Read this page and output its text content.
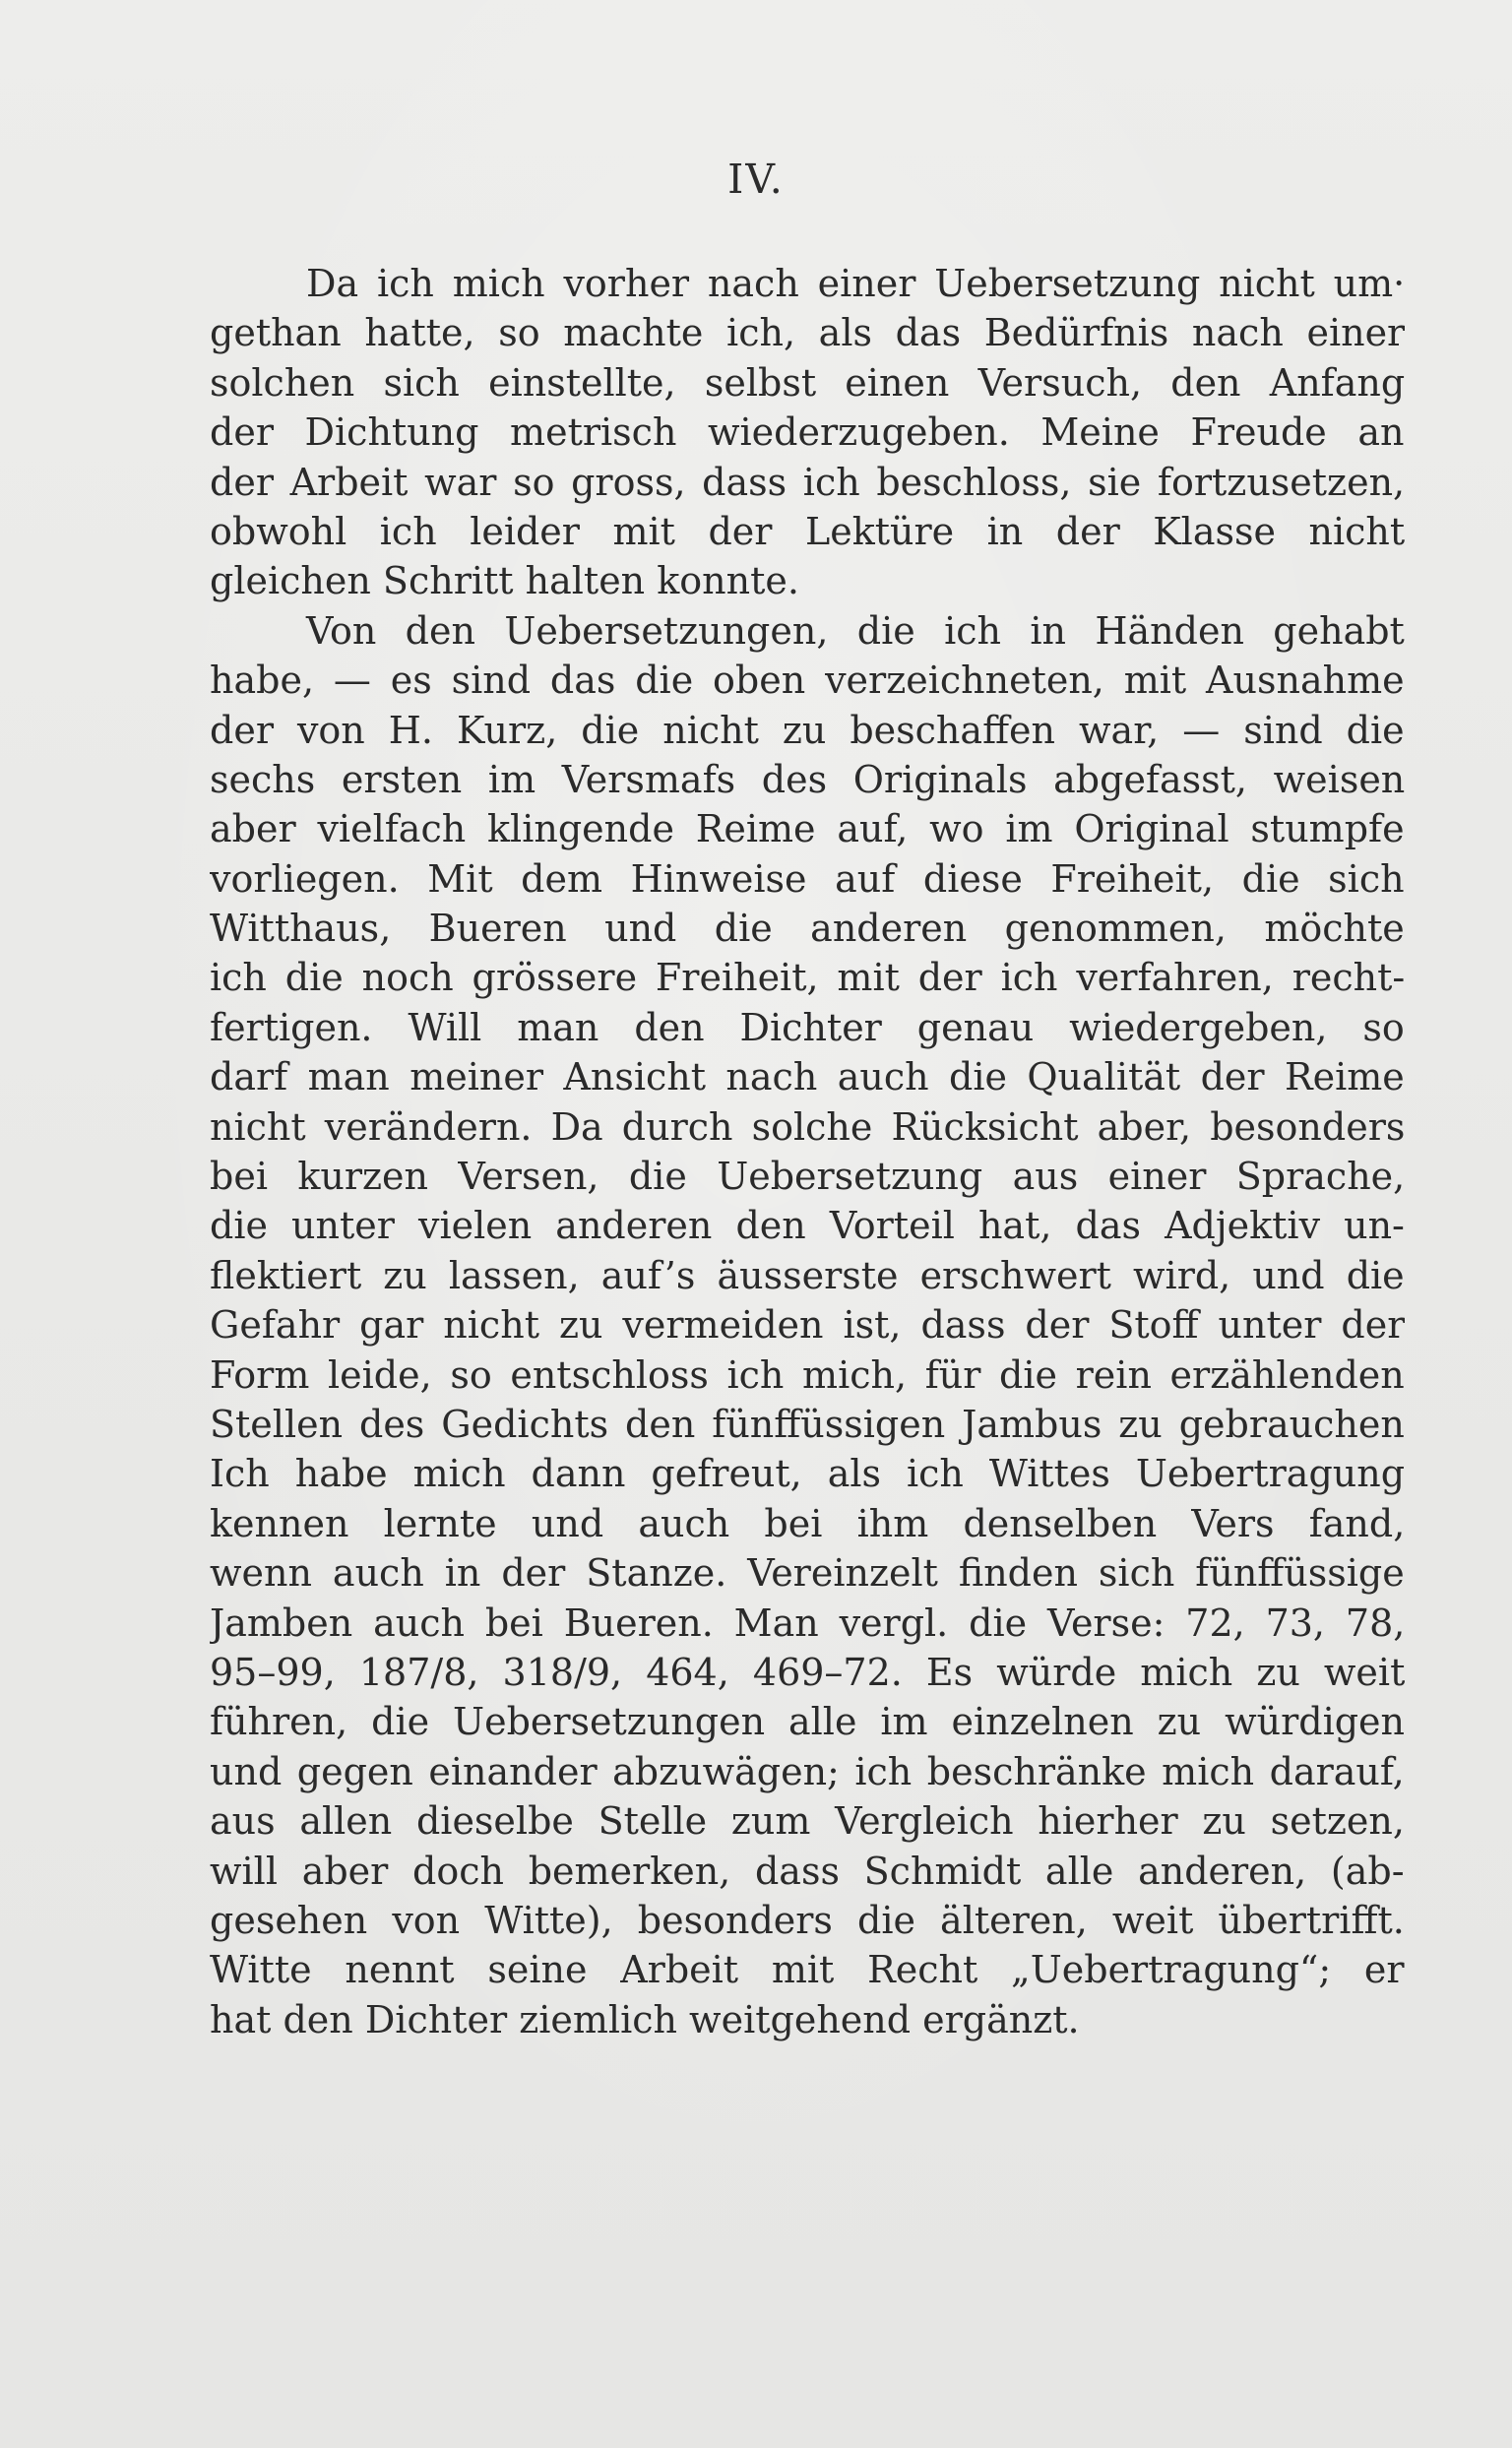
IV.
Da ich mich vorher nach einer Uebersetzung nicht um·
gethan hatte, so machte ich, als das Bedürfnis nach einer
solchen sich einstellte, selbst einen Versuch, den Anfang
der Dichtung metrisch wiederzugeben. Meine Freude an
der Arbeit war so gross, dass ich beschloss, sie fortzusetzen,
obwohl ich leider mit der Lektüre in der Klasse nicht
gleichen Schritt halten konnte.
Von den Uebersetzungen, die ich in Händen gehabt
habe, — es sind das die oben verzeichneten, mit Ausnahme
der von H. Kurz, die nicht zu beschaffen war, — sind die
sechs ersten im Versmafs des Originals abgefasst, weisen
aber vielfach klingende Reime auf, wo im Original stumpfe
vorliegen. Mit dem Hinweise auf diese Freiheit, die sich
Witthaus, Bueren und die anderen genommen, möchte
ich die noch grössere Freiheit, mit der ich verfahren, recht-
fertigen. Will man den Dichter genau wiedergeben, so
darf man meiner Ansicht nach auch die Qualität der Reime
nicht verändern. Da durch solche Rücksicht aber, besonders
bei kurzen Versen, die Uebersetzung aus einer Sprache,
die unter vielen anderen den Vorteil hat, das Adjektiv un-
flektiert zu lassen, auf’s äusserste erschwert wird, und die
Gefahr gar nicht zu vermeiden ist, dass der Stoff unter der
Form leide, so entschloss ich mich, für die rein erzählenden
Stellen des Gedichts den fünffüssigen Jambus zu gebrauchen
Ich habe mich dann gefreut, als ich Wittes Uebertragung
kennen lernte und auch bei ihm denselben Vers fand,
wenn auch in der Stanze. Vereinzelt finden sich fünffüssige
Jamben auch bei Bueren. Man vergl. die Verse: 72, 73, 78,
95–99, 187/8, 318/9, 464, 469–72. Es würde mich zu weit
führen, die Uebersetzungen alle im einzelnen zu würdigen
und gegen einander abzuwägen; ich beschränke mich darauf,
aus allen dieselbe Stelle zum Vergleich hierher zu setzen,
will aber doch bemerken, dass Schmidt alle anderen, (ab-
gesehen von Witte), besonders die älteren, weit übertrifft.
Witte nennt seine Arbeit mit Recht „Uebertragung“; er
hat den Dichter ziemlich weitgehend ergänzt.
